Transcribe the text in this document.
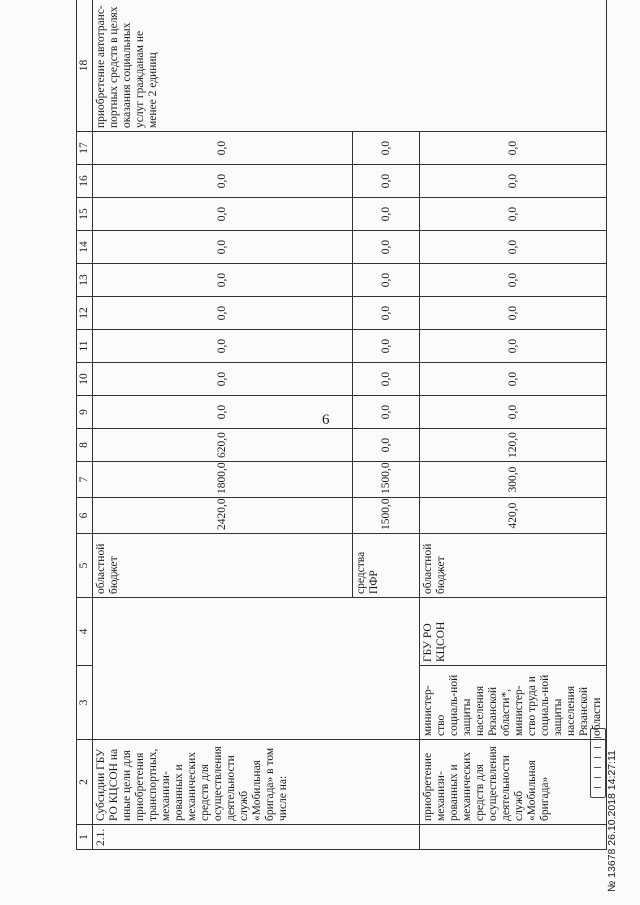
6
1	2	3	4	5	6	7	8	9	10	11	12	13	14	15	16	17	18
2.1.	Субсидии ГБУ РО КЦСОН на иные цели для приобретения транспортных, механизи-рованных и механических средств для осуществления деятельности служб «Мобильная бригада» в том числе на:			областной бюджет	2420,0	1800,0	620,0	0,0	0,0	0,0	0,0	0,0	0,0	0,0	0,0	0,0	приобретение автотранс-портных средств в целях оказания социальных услуг гражданам не менее 2 единиц
				средства ПФР	1500,0	1500,0	0,0	0,0	0,0	0,0	0,0	0,0	0,0	0,0	0,0	0,0	
	приобретение механизи-рованных и механических средств для осуществления деятельности служб «Мобильная бригада»	министер-ство социаль-ной защиты населения Рязанской области*, министер-ство труда и социаль-ной защиты населения Рязанской области	ГБУ РО КЦСОН	областной бюджет	420,0	300,0	120,0	0,0	0,0	0,0	0,0	0,0	0,0	0,0	0,0	0,0	
№ 13678 26.10.2018 14:27:11
